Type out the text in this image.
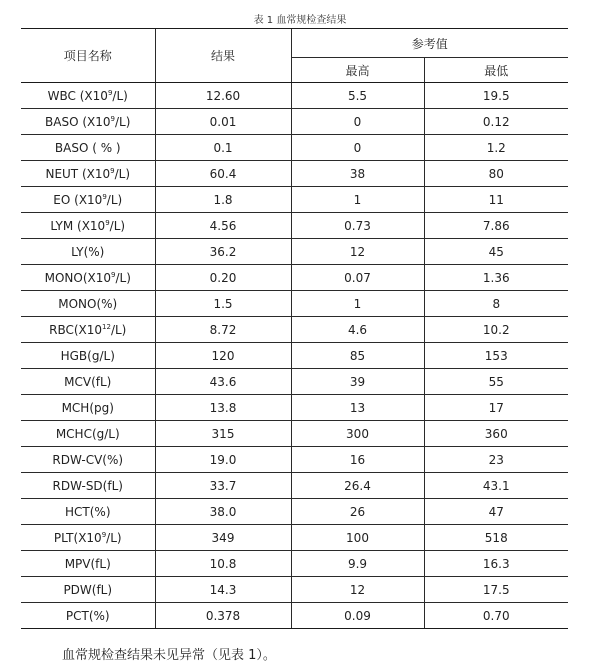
表 1 血常规检查结果
项目名称	结果	参考值	
		最高	最低
WBC $(X10^9/L)$	12.60	5.5	19.5
BASO $(X10^9/L)$	0.01	0	0.12
BASO ( % )	0.1	0	1.2
NEUT $(X10^9/L)$	60.4	38	80
EO $(X10^9/L)$	1.8	1	11
LYM $(X10^9/L)$	4.56	0.73	7.86
LY(%)	36.2	12	45
$MONO(X10^9/L)$	0.20	0.07	1.36
MONO(%)	1.5	1	8
$RBC(X10^{12}/L)$	8.72	4.6	10.2
HGB(g/L)	120	85	153
MCV(fL)	43.6	39	55
MCH(pg)	13.8	13	17
MCHC(g/L)	315	300	360
RDW-CV(%)	19.0	16	23
RDW-SD(fL)	33.7	26.4	43.1
HCT(%)	38.0	26	47
$PLT(X10^9/L)$	349	100	518
MPV(fL)	10.8	9.9	16.3
PDW(fL)	14.3	12	17.5
PCT(%)	0.378	0.09	0.70
血常规检查结果未见异常（见表 1）。
